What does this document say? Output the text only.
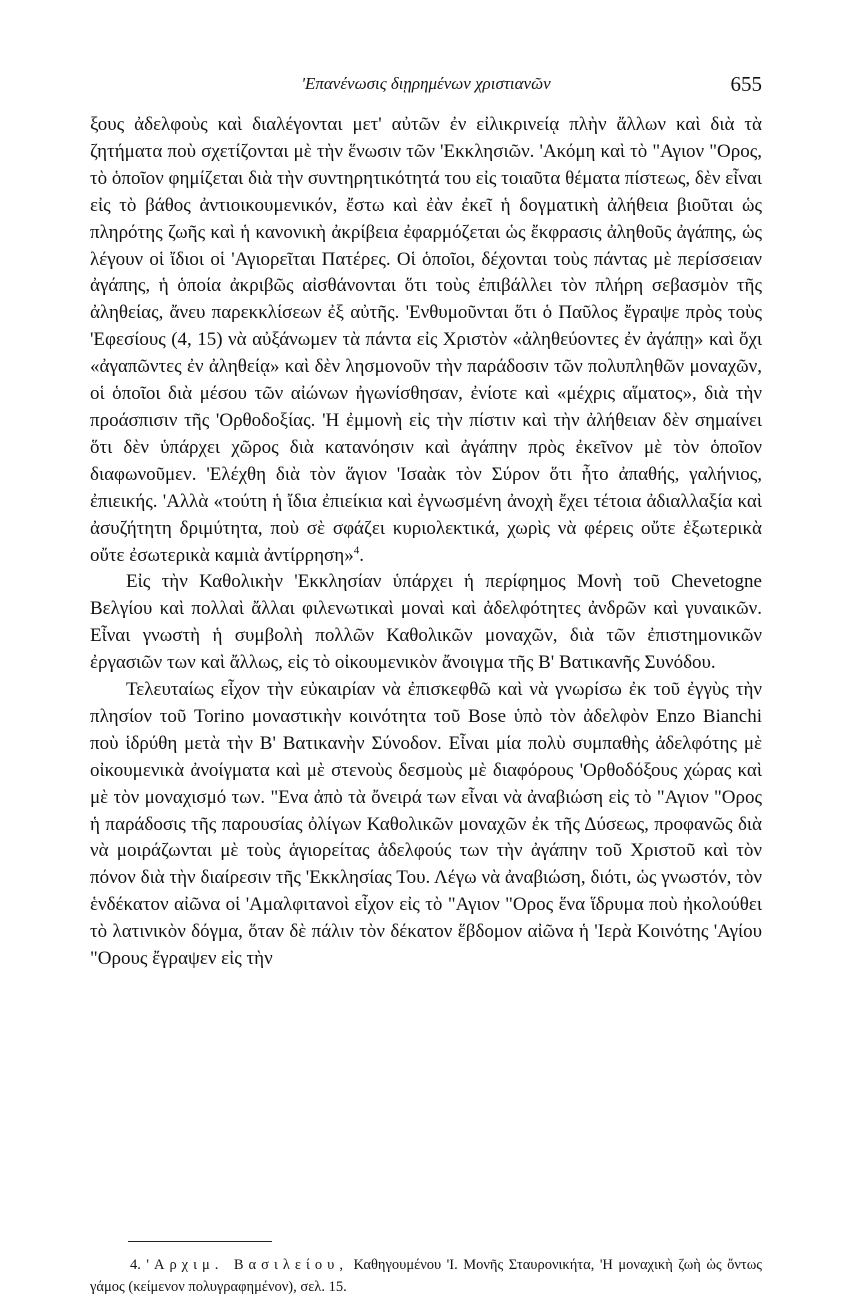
'Επανένωσις διῃρημένων χριστιανῶν	655

ξους ἀδελφοὺς καὶ διαλέγονται μετ' αὐτῶν ἐν εἰλικρινείᾳ πλὴν ἄλλων καὶ διὰ τὰ ζητήματα ποὺ σχετίζονται μὲ τὴν ἕνωσιν τῶν 'Εκκλησιῶν. 'Ακόμη καὶ τὸ "Αγιον "Ορος, τὸ ὁποῖον φημίζεται διὰ τὴν συντηρητικότητά του εἰς τοιαῦτα θέματα πίστεως, δὲν εἶναι εἰς τὸ βάθος ἀντιοικουμενικόν, ἔστω καὶ ἐὰν ἐκεῖ ἡ δογματικὴ ἀλήθεια βιοῦται ὡς πληρότης ζωῆς καὶ ἡ κανονικὴ ἀκρίβεια ἐφαρμόζεται ὡς ἔκφρασις ἀληθοῦς ἀγάπης, ὡς λέγουν οἱ ἴδιοι οἱ 'Αγιορεῖται Πατέρες. Οἱ ὁποῖοι, δέχονται τοὺς πάντας μὲ περίσσειαν ἀγάπης, ἡ ὁποία ἀκριβῶς αἰσθάνονται ὅτι τοὺς ἐπιβάλλει τὸν πλήρη σεβασμὸν τῆς ἀληθείας, ἄνευ παρεκκλίσεων ἐξ αὐτῆς. 'Ενθυμοῦνται ὅτι ὁ Παῦλος ἔγραψε πρὸς τοὺς 'Εφεσίους (4, 15) νὰ αὐξάνωμεν τὰ πάντα εἰς Χριστὸν «ἀληθεύοντες ἐν ἀγάπῃ» καὶ ὄχι «ἀγαπῶντες ἐν ἀληθείᾳ» καὶ δὲν λησμονοῦν τὴν παράδοσιν τῶν πολυπληθῶν μοναχῶν, οἱ ὁποῖοι διὰ μέσου τῶν αἰώνων ἠγωνίσθησαν, ἐνίοτε καὶ «μέχρις αἵματος», διὰ τὴν προάσπισιν τῆς 'Ορθοδοξίας. 'Η ἐμμονὴ εἰς τὴν πίστιν καὶ τὴν ἀλήθειαν δὲν σημαίνει ὅτι δὲν ὑπάρχει χῶρος διὰ κατανόησιν καὶ ἀγάπην πρὸς ἐκεῖνον μὲ τὸν ὁποῖον διαφωνοῦμεν. 'Ελέχθη διὰ τὸν ἅγιον 'Ισαὰκ τὸν Σύρον ὅτι ἦτο ἀπαθής, γαλήνιος, ἐπιεικής. 'Αλλὰ «τούτη ἡ ἴδια ἐπιείκια καὶ ἐγνωσμένη ἀνοχὴ ἔχει τέτοια ἀδιαλλαξία καὶ ἀσυζήτητη δριμύτητα, ποὺ σὲ σφάζει κυριολεκτικά, χωρὶς νὰ φέρεις οὔτε ἐξωτερικὰ οὔτε ἐσωτερικὰ καμιὰ ἀντίρρηση»$^4$.

Εἰς τὴν Καθολικὴν 'Εκκλησίαν ὑπάρχει ἡ περίφημος Μονὴ τοῦ Chevetogne Βελγίου καὶ πολλαὶ ἄλλαι φιλενωτικαὶ μοναὶ καὶ ἀδελφότητες ἀνδρῶν καὶ γυναικῶν. Εἶναι γνωστὴ ἡ συμβολὴ πολλῶν Καθολικῶν μοναχῶν, διὰ τῶν ἐπιστημονικῶν ἐργασιῶν των καὶ ἄλλως, εἰς τὸ οἰκουμενικὸν ἄνοιγμα τῆς Β' Βατικανῆς Συνόδου.

Τελευταίως εἶχον τὴν εὐκαιρίαν νὰ ἐπισκεφθῶ καὶ νὰ γνωρίσω ἐκ τοῦ ἐγγὺς τὴν πλησίον τοῦ Torino μοναστικὴν κοινότητα τοῦ Bose ὑπὸ τὸν ἀδελφὸν Enzo Bianchi ποὺ ἱδρύθη μετὰ τὴν Β' Βατικανὴν Σύνοδον. Εἶναι μία πολὺ συμπαθὴς ἀδελφότης μὲ οἰκουμενικὰ ἀνοίγματα καὶ μὲ στενοὺς δεσμοὺς μὲ διαφόρους 'Ορθοδόξους χώρας καὶ μὲ τὸν μοναχισμό των. "Ενα ἀπὸ τὰ ὄνειρά των εἶναι νὰ ἀναβιώση εἰς τὸ "Αγιον "Ορος ἡ παράδοσις τῆς παρουσίας ὀλίγων Καθολικῶν μοναχῶν ἐκ τῆς Δύσεως, προφανῶς διὰ νὰ μοιράζωνται μὲ τοὺς ἁγιορείτας ἀδελφούς των τὴν ἀγάπην τοῦ Χριστοῦ καὶ τὸν πόνον διὰ τὴν διαίρεσιν τῆς 'Εκκλησίας Του. Λέγω νὰ ἀναβιώση, διότι, ὡς γνωστόν, τὸν ἑνδέκατον αἰῶνα οἱ 'Αμαλφιτανοὶ εἶχον εἰς τὸ "Αγιον "Ορος ἕνα ἵδρυμα ποὺ ἠκολούθει τὸ λατινικὸν δόγμα, ὅταν δὲ πάλιν τὸν δέκατον ἕβδομον αἰῶνα ἡ 'Ιερὰ Κοινότης 'Αγίου "Ορους ἔγραψεν εἰς τὴν

4. 'Αρχιμ. Βασιλείου, Καθηγουμένου 'Ι. Μονῆς Σταυρονικήτα, 'Η μοναχικὴ ζωὴ ὡς ὄντως γάμος (κείμενον πολυγραφημένον), σελ. 15.
